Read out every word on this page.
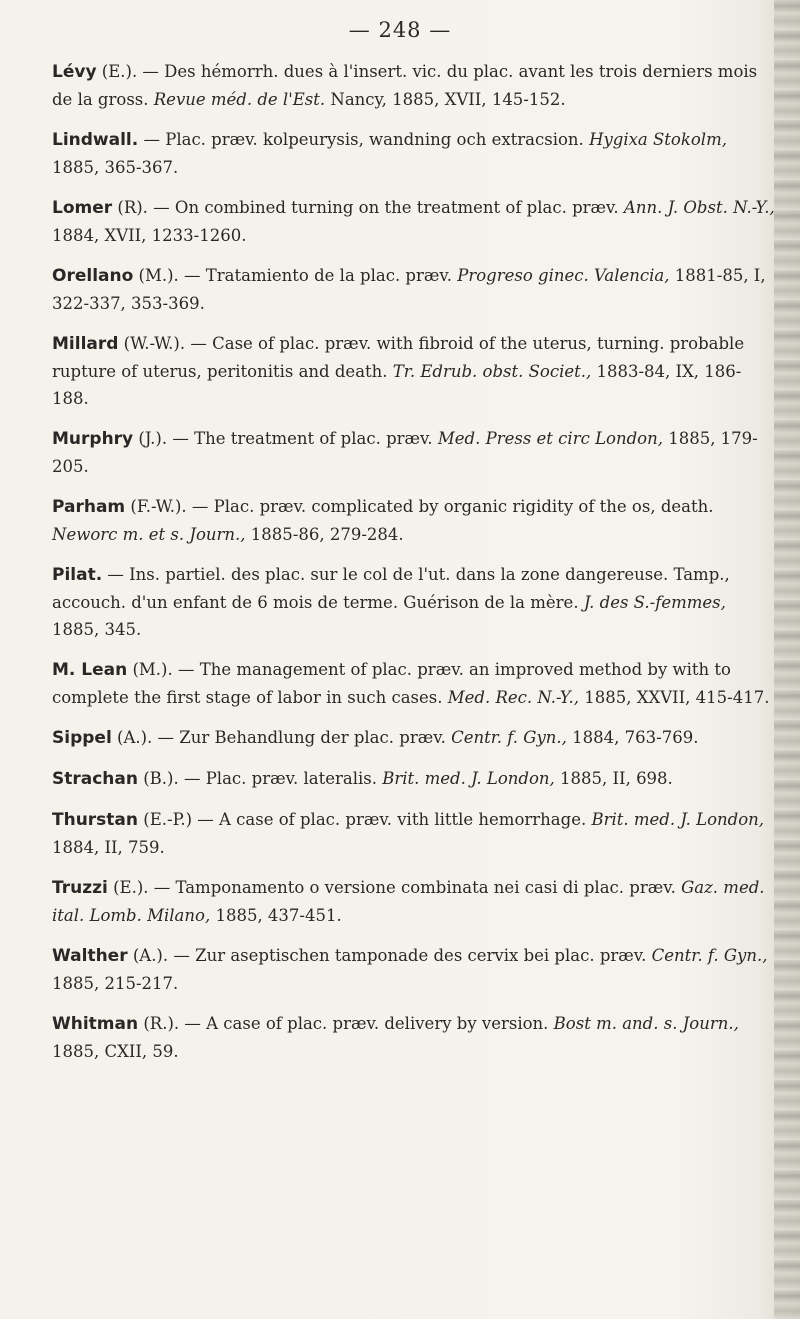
— 248 —
Lévy (E.). — Des hémorrh. dues à l'insert. vic. du plac. avant les trois derniers mois de la gross. Revue méd. de l'Est. Nancy, 1885, XVII, 145-152.
Lindwall. — Plac. præv. kolpeurysis, wandning och extracsion. Hygixa Stokolm, 1885, 365-367.
Lomer (R). — On combined turning on the treatment of plac. præv. Ann. J. Obst. N.-Y., 1884, XVII, 1233-1260.
Orellano (M.). — Tratamiento de la plac. præv. Progreso ginec. Valencia, 1881-85, I, 322-337, 353-369.
Millard (W.-W.). — Case of plac. præv. with fibroid of the uterus, turning. probable rupture of uterus, peritonitis and death. Tr. Edrub. obst. Societ., 1883-84, IX, 186-188.
Murphry (J.). — The treatment of plac. præv. Med. Press et circ London, 1885, 179-205.
Parham (F.-W.). — Plac. præv. complicated by organic rigidity of the os, death. Neworc m. et s. Journ., 1885-86, 279-284.
Pilat. — Ins. partiel. des plac. sur le col de l'ut. dans la zone dangereuse. Tamp., accouch. d'un enfant de 6 mois de terme. Guérison de la mère. J. des S.-femmes, 1885, 345.
M. Lean (M.). — The management of plac. præv. an improved method by with to complete the first stage of labor in such cases. Med. Rec. N.-Y., 1885, XXVII, 415-417.
Sippel (A.). — Zur Behandlung der plac. præv. Centr. f. Gyn., 1884, 763-769.
Strachan (B.). — Plac. præv. lateralis. Brit. med. J. London, 1885, II, 698.
Thurstan (E.-P.) — A case of plac. præv. vith little hemorrhage. Brit. med. J. London, 1884, II, 759.
Truzzi (E.). — Tamponamento o versione combinata nei casi di plac. præv. Gaz. med. ital. Lomb. Milano, 1885, 437-451.
Walther (A.). — Zur aseptischen tamponade des cervix bei plac. præv. Centr. f. Gyn., 1885, 215-217.
Whitman (R.). — A case of plac. præv. delivery by version. Bost m. and. s. Journ., 1885, CXII, 59.
